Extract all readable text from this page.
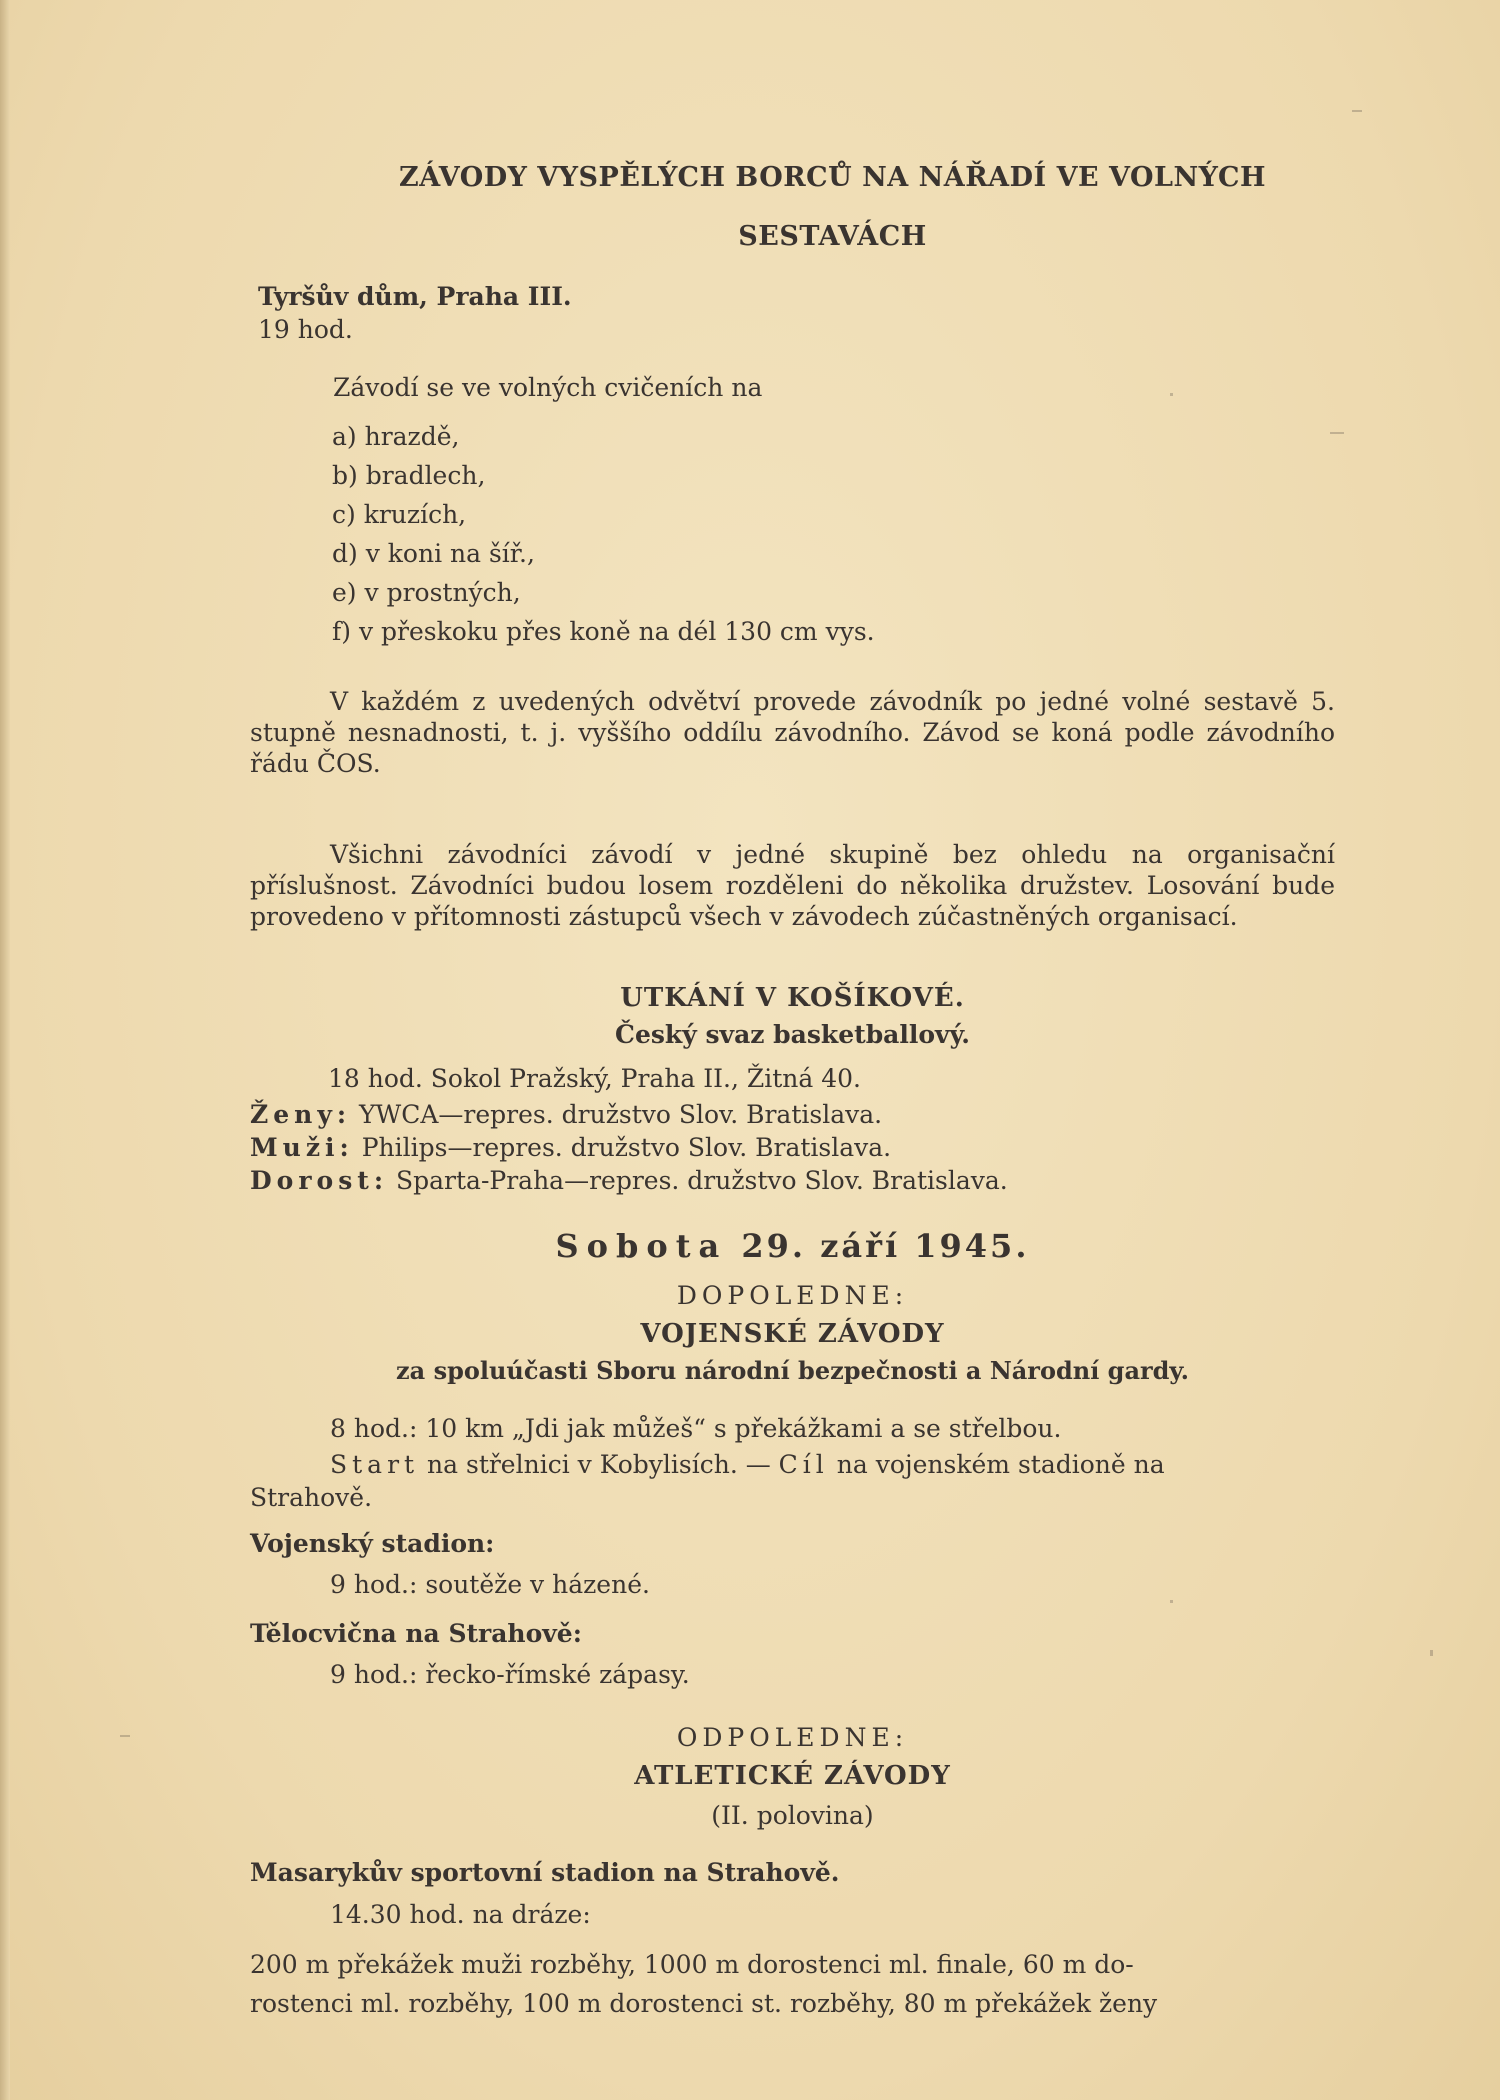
ZÁVODY VYSPĚLÝCH BORCŮ NA NÁŘADÍ VE VOLNÝCH

SESTAVÁCH

Tyršův dům, Praha III.

19 hod.

Závodí se ve volných cvičeních na

a) hrazdě,

b) bradlech,

c) kruzích,

d) v koni na šíř.,

e) v prostných,

f) v přeskoku přes koně na dél 130 cm vys.

V každém z uvedených odvětví provede závodník po jedné volné sestavě 5. stupně nesnadnosti, t. j. vyššího oddílu závodního. Závod se koná podle závodního řádu ČOS.

Všichni závodníci závodí v jedné skupině bez ohledu na organisační příslušnost. Závodníci budou losem rozděleni do několika družstev. Losování bude provedeno v přítomnosti zástupců všech v závodech zúčastněných organisací.

UTKÁNÍ V KOŠÍKOVÉ.

Český svaz basketballový.

18 hod. Sokol Pražský, Praha II., Žitná 40.

Ženy: YWCA—repres. družstvo Slov. Bratislava.

Muži: Philips—repres. družstvo Slov. Bratislava.

Dorost: Sparta-Praha—repres. družstvo Slov. Bratislava.

Sobota 29. září 1945.

DOPOLEDNE:

VOJENSKÉ ZÁVODY

za spoluúčasti Sboru národní bezpečnosti a Národní gardy.

8 hod.: 10 km „Jdi jak můžeš“ s překážkami a se střelbou.

Start na střelnici v Kobylisích. — Cíl na vojenském stadioně na

Strahově.

Vojenský stadion:

9 hod.: soutěže v házené.

Tělocvična na Strahově:

9 hod.: řecko-římské zápasy.

ODPOLEDNE:

ATLETICKÉ ZÁVODY

(II. polovina)

Masarykův sportovní stadion na Strahově.

14.30 hod. na dráze:

200 m překážek muži rozběhy, 1000 m dorostenci ml. finale, 60 m do-

rostenci ml. rozběhy, 100 m dorostenci st. rozběhy, 80 m překážek ženy
